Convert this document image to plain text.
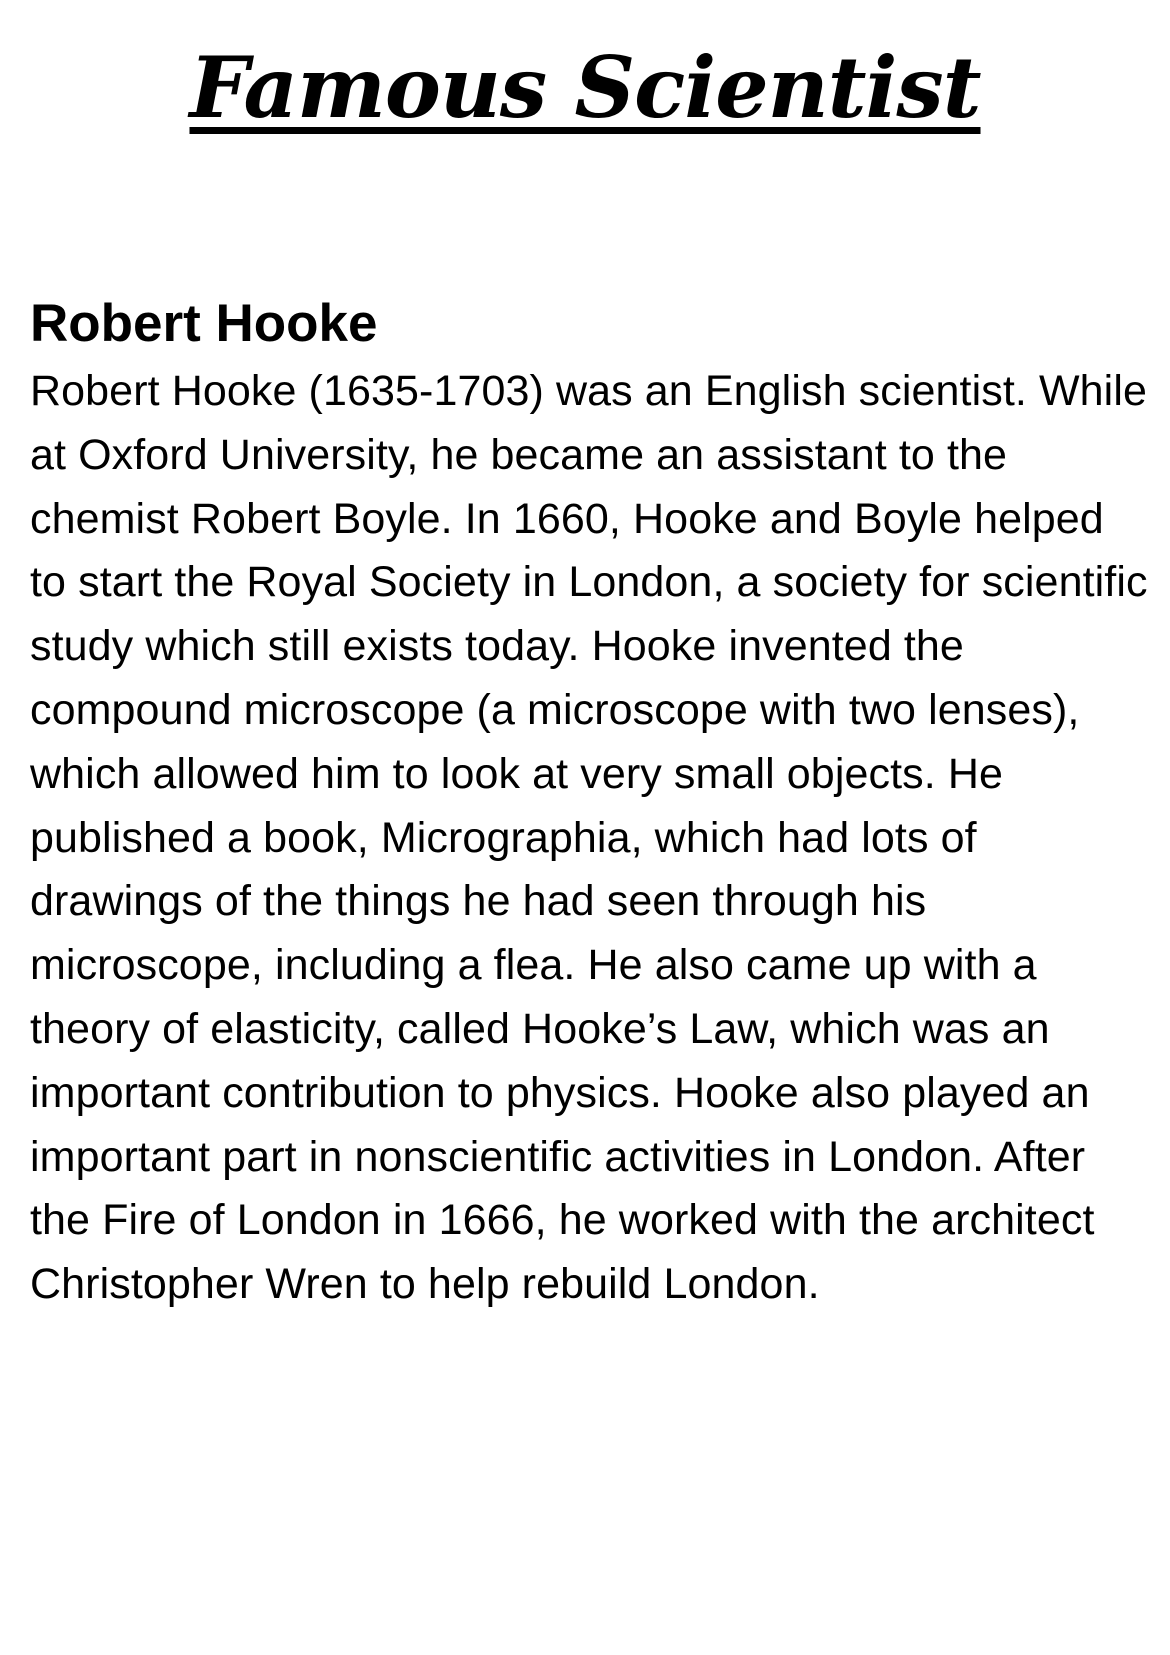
Famous Scientist
Robert Hooke

Robert Hooke (1635-1703) was an English scientist. While at Oxford University, he became an assistant to the chemist Robert Boyle. In 1660, Hooke and Boyle helped to start the Royal Society in London, a society for scientific study which still exists today. Hooke invented the compound microscope (a microscope with two lenses), which allowed him to look at very small objects. He published a book, Micrographia, which had lots of drawings of the things he had seen through his microscope, including a flea. He also came up with a theory of elasticity, called Hooke’s Law, which was an important contribution to physics. Hooke also played an important part in nonscientific activities in London. After the Fire of London in 1666, he worked with the architect Christopher Wren to help rebuild London.
